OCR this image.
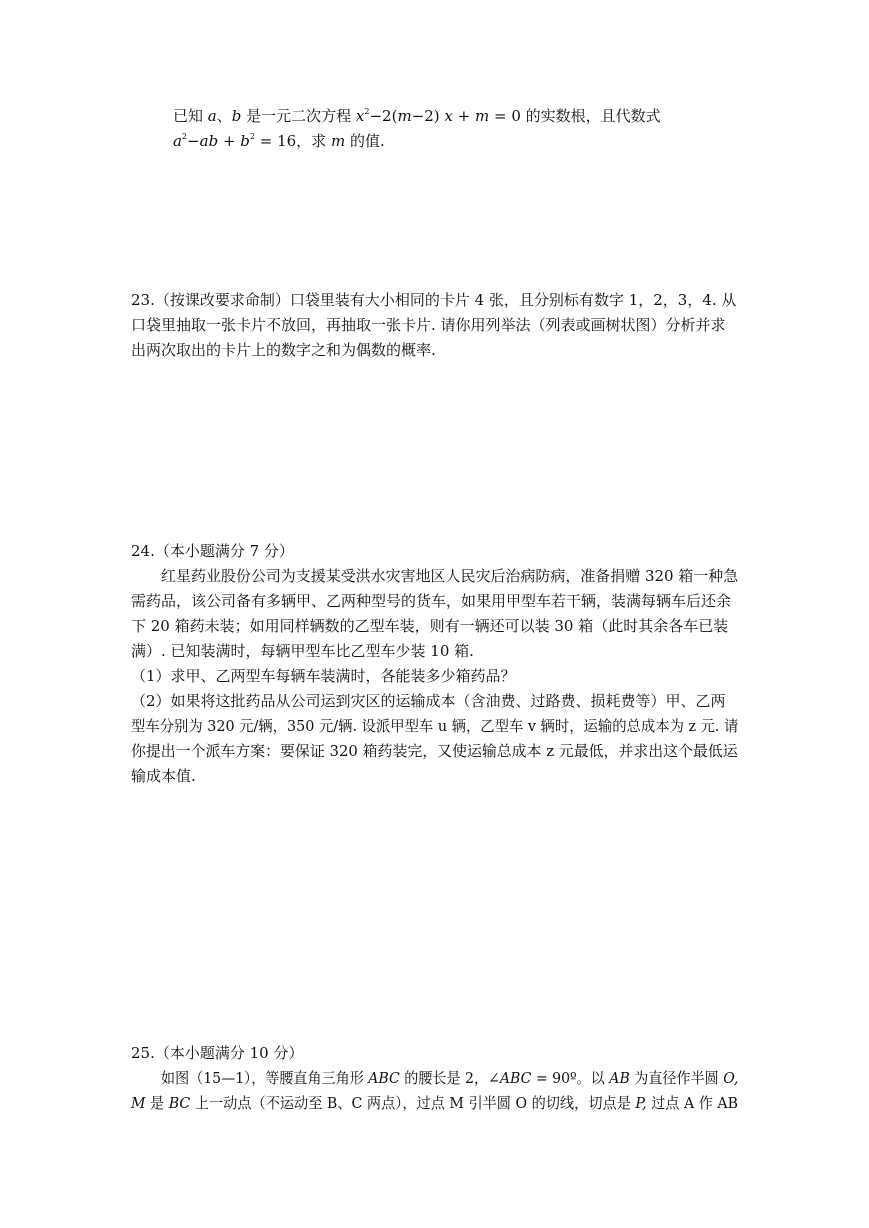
已知 a、b 是一元二次方程 $x^2-2(m-2) x + m = 0$ 的实数根，且代数式
$a^2-ab + b^2 = 16$，求 m 的值.
23.（按课改要求命制）口袋里装有大小相同的卡片 4 张，且分别标有数字 1，2，3，4. 从
口袋里抽取一张卡片不放回，再抽取一张卡片. 请你用列举法（列表或画树状图）分析并求
出两次取出的卡片上的数字之和为偶数的概率.
24.（本小题满分 7 分）
红星药业股份公司为支援某受洪水灾害地区人民灾后治病防病，准备捐赠 320 箱一种急
需药品，该公司备有多辆甲、乙两种型号的货车，如果用甲型车若干辆，装满每辆车后还余
下 20 箱药未装；如用同样辆数的乙型车装，则有一辆还可以装 30 箱（此时其余各车已装
满）. 已知装满时，每辆甲型车比乙型车少装 10 箱.
（1）求甲、乙两型车每辆车装满时，各能装多少箱药品？
（2）如果将这批药品从公司运到灾区的运输成本（含油费、过路费、损耗费等）甲、乙两
型车分别为 320 元/辆，350 元/辆. 设派甲型车 u 辆，乙型车 v 辆时，运输的总成本为 z 元. 请
你提出一个派车方案：要保证 320 箱药装完，又使运输总成本 z 元最低，并求出这个最低运
输成本值.
25.（本小题满分 10 分）
如图（15—1），等腰直角三角形 ABC 的腰长是 2，∠ABC = 90º。以 AB 为直径作半圆 O,
M 是 BC 上一动点（不运动至 B、C 两点），过点 M 引半圆 O 的切线，切点是 P, 过点 A 作 AB
